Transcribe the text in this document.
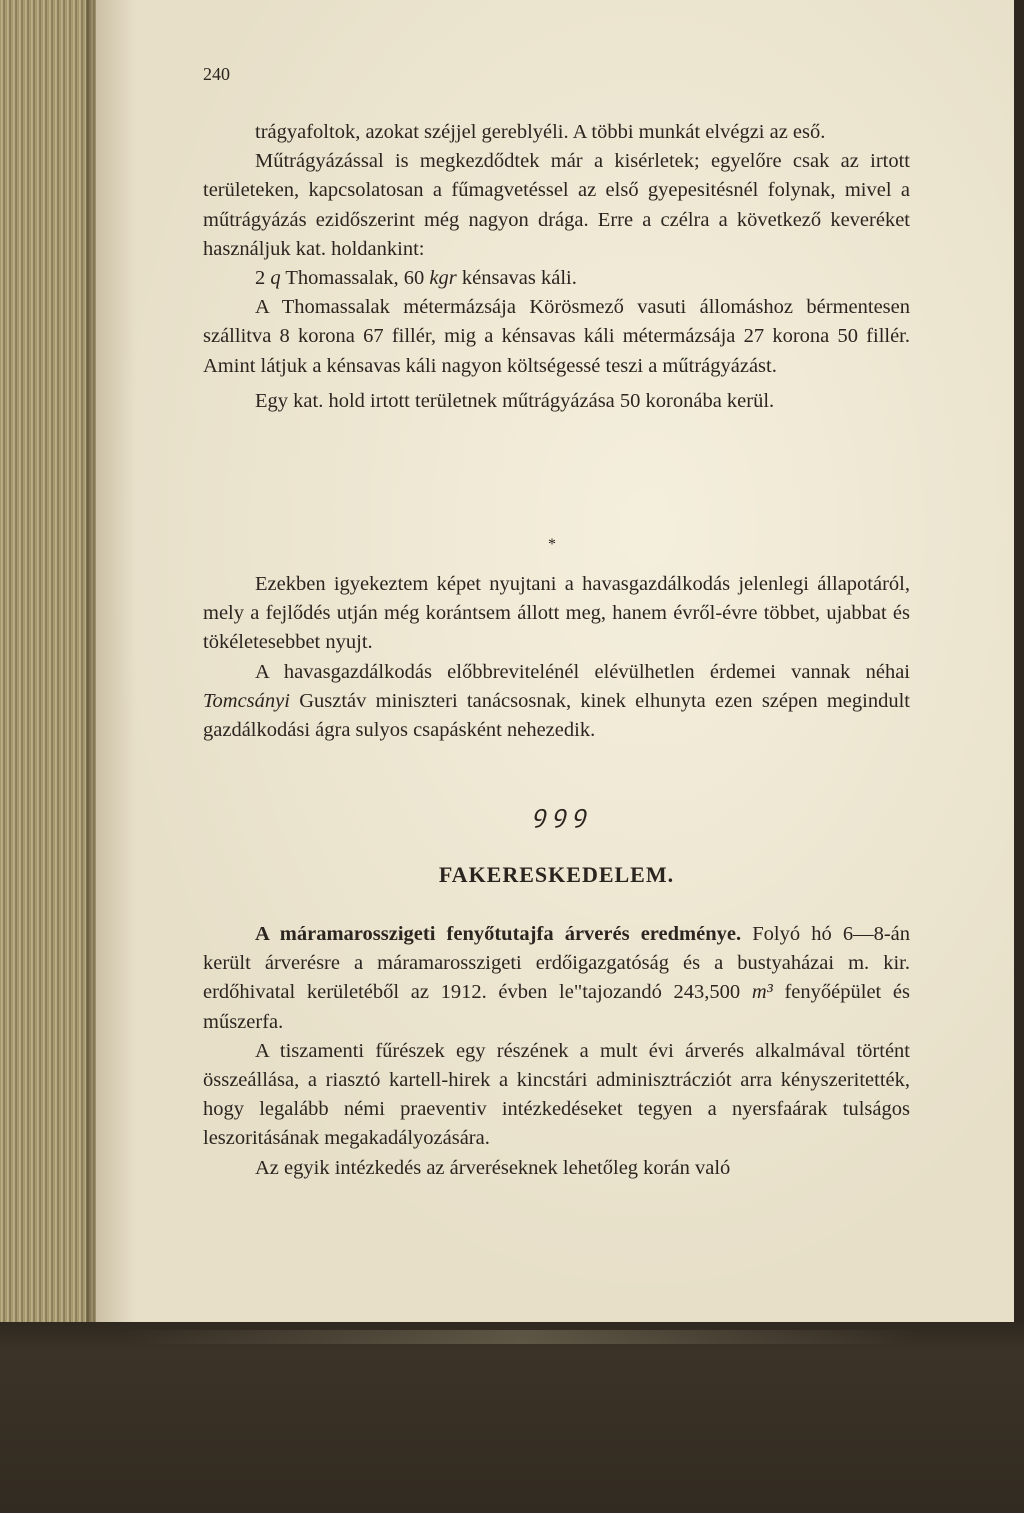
240

trágyafoltok, azokat széjjel gereblyéli. A többi munkát elvégzi az eső.

Műtrágyázással is megkezdődtek már a kisérletek; egyelőre csak az irtott területeken, kapcsolatosan a fűmagvetéssel az első gyepesitésnél folynak, mivel a műtrágyázás ezidőszerint még nagyon drága. Erre a czélra a következő keveréket használjuk kat. holdankint:

2 q Thomassalak, 60 kgr kénsavas káli.

A Thomassalak métermázsája Körösmező vasuti állomáshoz bérmentesen szállitva 8 korona 67 fillér, mig a kénsavas káli métermázsája 27 korona 50 fillér. Amint látjuk a kénsavas káli nagyon költségessé teszi a műtrágyázást.

Egy kat. hold irtott területnek műtrágyázása 50 koronába kerül.

*

Ezekben igyekeztem képet nyujtani a havasgazdálkodás jelenlegi állapotáról, mely a fejlődés utján még korántsem állott meg, hanem évről-évre többet, ujabbat és tökéletesebbet nyujt.

A havasgazdálkodás előbbrevitelénél elévülhetlen érdemei vannak néhai Tomcsányi Gusztáv miniszteri tanácsosnak, kinek elhunyta ezen szépen megindult gazdálkodási ágra sulyos csapásként nehezedik.

ꝯꝯꝯ
FAKERESKEDELEM.

A máramarosszigeti fenyőtutajfa árverés eredménye. Folyó hó 6—8-án került árverésre a máramarosszigeti erdőigazgatóság és a bustyaházai m. kir. erdőhivatal kerületéből az 1912. évben le"tajozandó 243,500 m³ fenyőépület és műszerfa.

A tiszamenti fűrészek egy részének a mult évi árverés alkalmával történt összeállása, a riasztó kartell-hirek a kincstári adminisztrácziót arra kényszeritették, hogy legalább némi praeventiv intézkedéseket tegyen a nyersfaárak tulságos leszoritásának megakadályozására.

Az egyik intézkedés az árveréseknek lehetőleg korán való
